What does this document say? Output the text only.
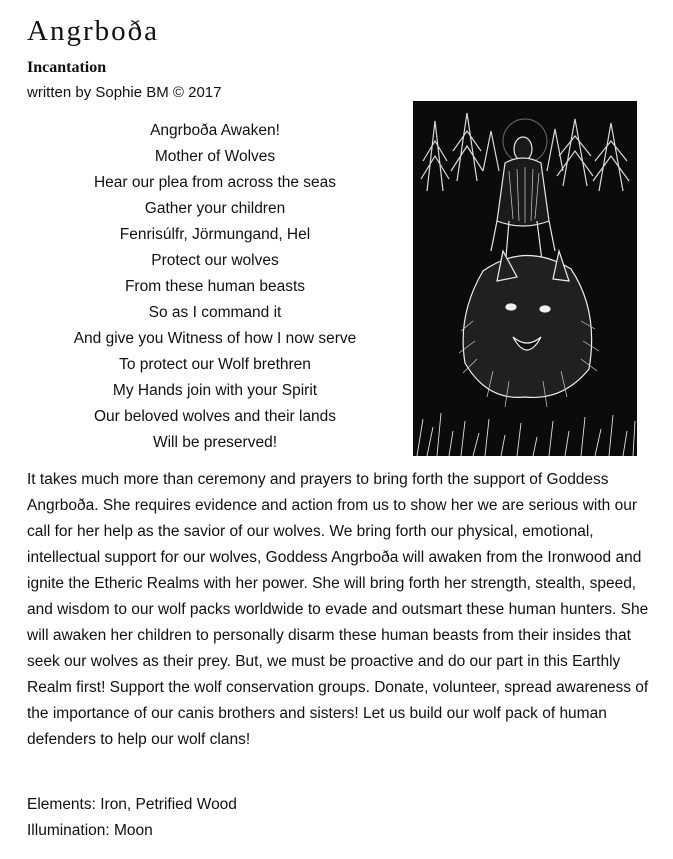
Angrboða
Incantation
written by Sophie BM © 2017
Angrboða Awaken!
Mother of Wolves
Hear our plea from across the seas
Gather your children
Fenrisúlfr, Jörmungand, Hel
Protect our wolves
From these human beasts
So as I command it
And give you Witness of how I now serve
To protect our Wolf brethren
My Hands join with your Spirit
Our beloved wolves and their lands
Will be preserved!
It takes much more than ceremony and prayers to bring forth the support of Goddess Angrboða. She requires evidence and action from us to show her we are serious with our call for her help as the savior of our wolves. We bring forth our physical, emotional, intellectual support for our wolves, Goddess Angrboða will awaken from the Ironwood and ignite the Etheric Realms with her power. She will bring forth her strength, stealth, speed, and wisdom to our wolf packs worldwide to evade and outsmart these human hunters. She will awaken her children to personally disarm these human beasts from their insides that seek our wolves as their prey. But, we must be proactive and do our part in this Earthly Realm first! Support the wolf conservation groups. Donate, volunteer, spread awareness of the importance of our canis brothers and sisters! Let us build our wolf pack of human defenders to help our wolf clans!
Elements: Iron, Petrified Wood
Illumination: Moon
